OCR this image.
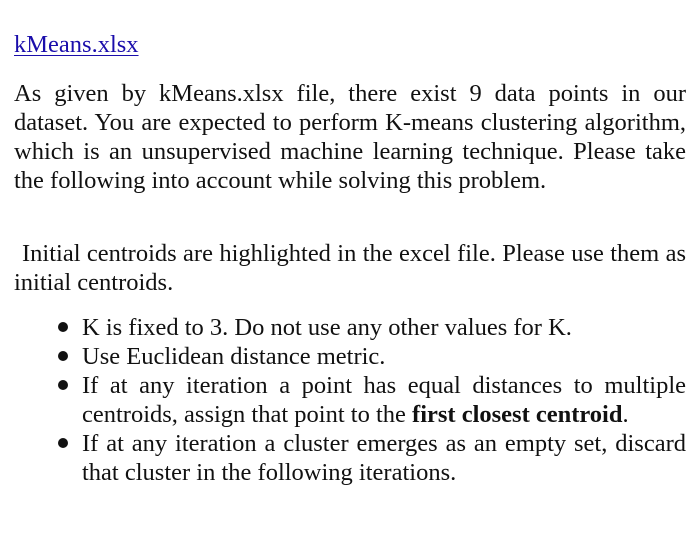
kMeans.xlsx

As given by kMeans.xlsx file, there exist 9 data points in our dataset. You are expected to perform K-means clustering algorithm, which is an unsupervised machine learning technique. Please take the following into account while solving this problem.

Initial centroids are highlighted in the excel file. Please use them as initial centroids.

K is fixed to 3. Do not use any other values for K.
Use Euclidean distance metric.
If at any iteration a point has equal distances to multiple centroids, assign that point to the first closest centroid.
If at any iteration a cluster emerges as an empty set, discard that cluster in the following iterations.
